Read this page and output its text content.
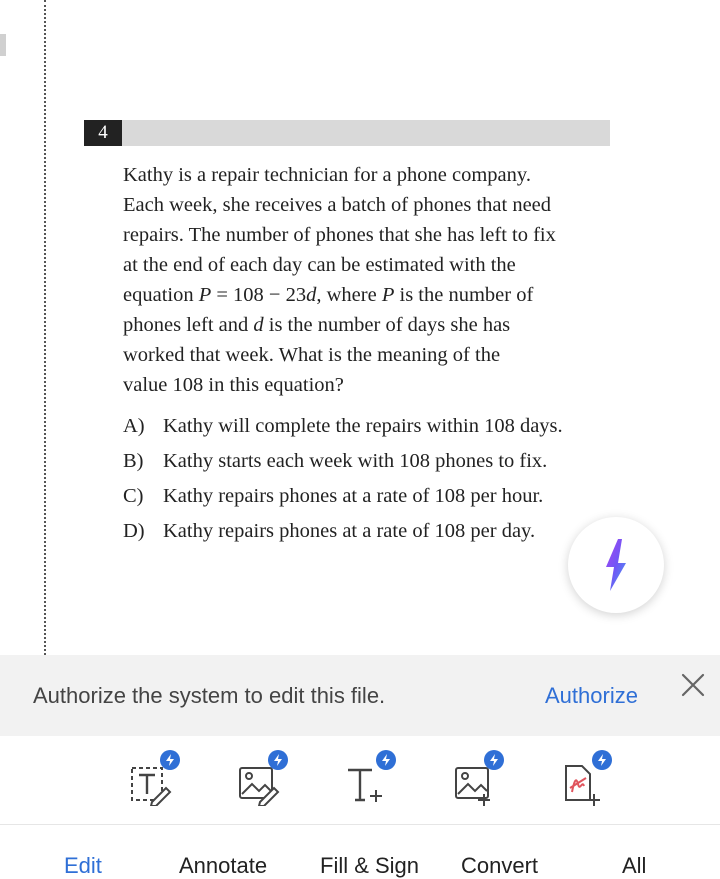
4
Kathy is a repair technician for a phone company.
Each week, she receives a batch of phones that need
repairs. The number of phones that she has left to fix
at the end of each day can be estimated with the
equation P = 108 − 23d, where P is the number of
phones left and d is the number of days she has
worked that week. What is the meaning of the
value 108 in this equation?
A) Kathy will complete the repairs within 108 days.
B) Kathy starts each week with 108 phones to fix.
C) Kathy repairs phones at a rate of 108 per hour.
D) Kathy repairs phones at a rate of 108 per day.
Authorize the system to edit this file.	Authorize
Edit	Annotate Fill & Sign Convert	All
